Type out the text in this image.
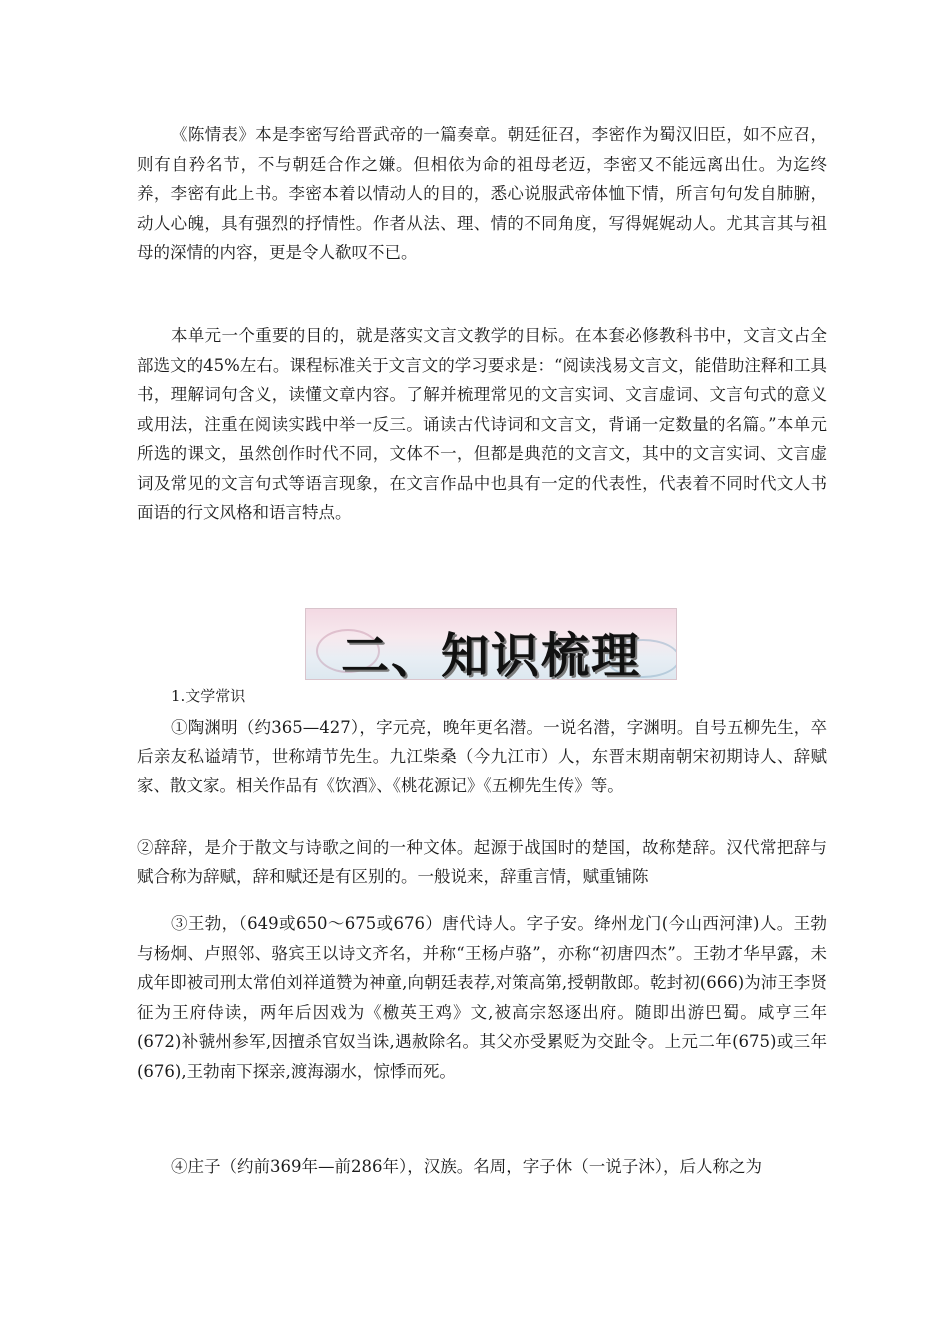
《陈情表》本是李密写给晋武帝的一篇奏章。朝廷征召，李密作为蜀汉旧臣，如不应召，则有自矜名节，不与朝廷合作之嫌。但相依为命的祖母老迈，李密又不能远离出仕。为迄终养，李密有此上书。李密本着以情动人的目的，悉心说服武帝体恤下情，所言句句发自肺腑，动人心魄，具有强烈的抒情性。作者从法、理、情的不同角度，写得娓娓动人。尤其言其与祖母的深情的内容，更是令人欷叹不已。

本单元一个重要的目的，就是落实文言文教学的目标。在本套必修教科书中，文言文占全部选文的45%左右。课程标准关于文言文的学习要求是：“阅读浅易文言文，能借助注释和工具书，理解词句含义，读懂文章内容。了解并梳理常见的文言实词、文言虚词、文言句式的意义或用法，注重在阅读实践中举一反三。诵读古代诗词和文言文，背诵一定数量的名篇。”本单元所选的课文，虽然创作时代不同，文体不一，但都是典范的文言文，其中的文言实词、文言虚词及常见的文言句式等语言现象，在文言作品中也具有一定的代表性，代表着不同时代文人书面语的行文风格和语言特点。

二、知识梳理

1.文学常识

①陶渊明（约365—427），字元亮，晚年更名潜。一说名潜，字渊明。自号五柳先生，卒后亲友私谥靖节，世称靖节先生。九江柴桑（今九江市）人，东晋末期南朝宋初期诗人、辞赋家、散文家。相关作品有《饮酒》、《桃花源记》《五柳先生传》等。

②辞辞，是介于散文与诗歌之间的一种文体。起源于战国时的楚国，故称楚辞。汉代常把辞与赋合称为辞赋，辞和赋还是有区别的。一般说来，辞重言情，赋重铺陈

③王勃，（649或650～675或676）唐代诗人。字子安。绛州龙门(今山西河津)人。王勃与杨炯、卢照邻、骆宾王以诗文齐名，并称“王杨卢骆”，亦称“初唐四杰”。王勃才华早露，未成年即被司刑太常伯刘祥道赞为神童,向朝廷表荐,对策高第,授朝散郎。乾封初(666)为沛王李贤征为王府侍读，两年后因戏为《檄英王鸡》文,被高宗怒逐出府。随即出游巴蜀。咸亨三年(672)补虢州参军,因擅杀官奴当诛,遇赦除名。其父亦受累贬为交趾令。上元二年(675)或三年(676),王勃南下探亲,渡海溺水，惊悸而死。

④庄子（约前369年—前286年），汉族。名周，字子休（一说子沐），后人称之为
